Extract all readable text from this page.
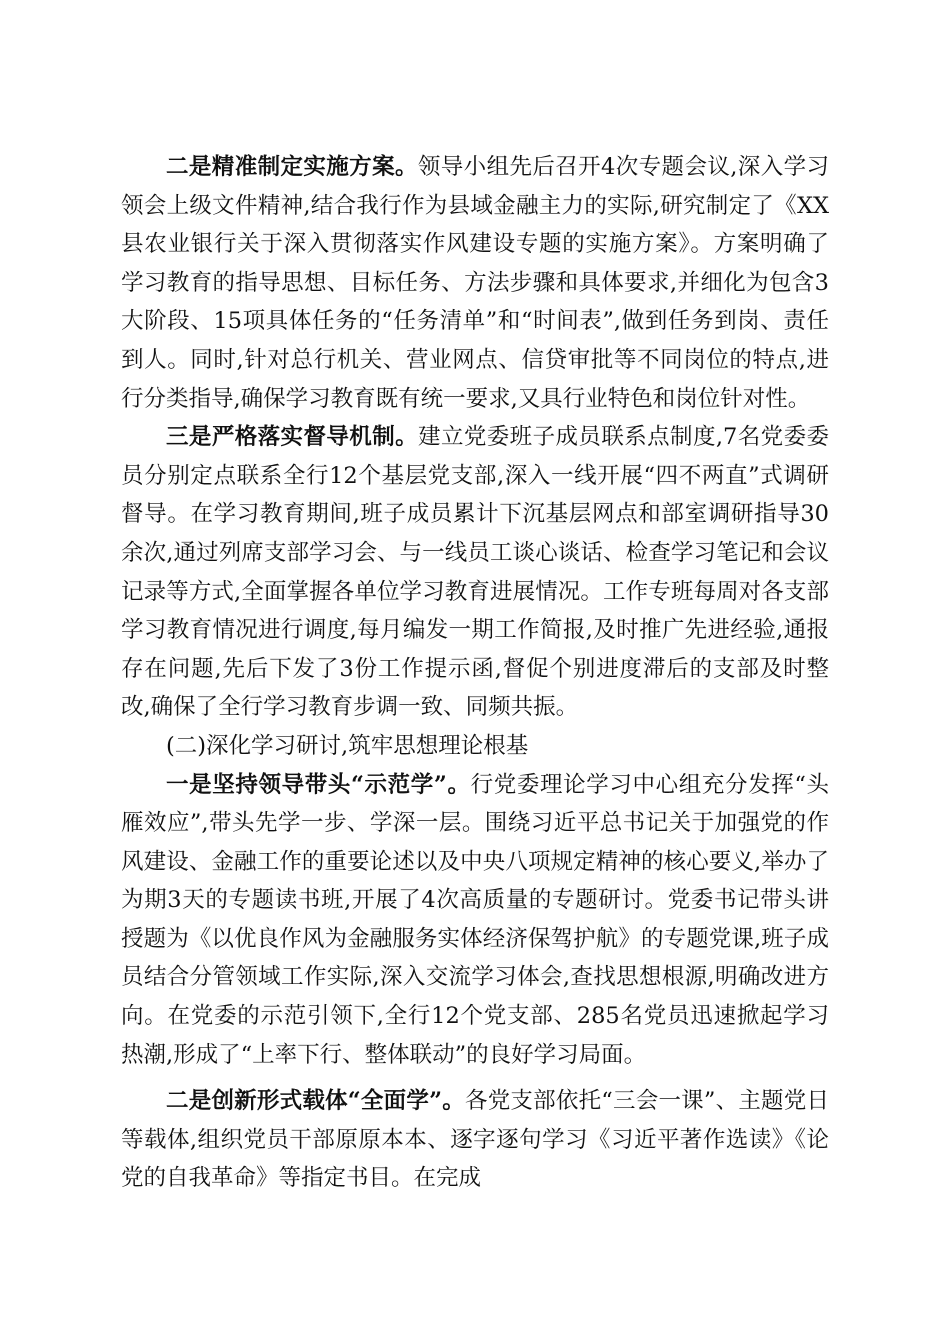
二是精准制定实施方案。领导小组先后召开4次专题会议,深入学习领会上级文件精神,结合我行作为县域金融主力的实际,研究制定了《XX县农业银行关于深入贯彻落实作风建设专题的实施方案》。方案明确了学习教育的指导思想、目标任务、方法步骤和具体要求,并细化为包含3大阶段、15项具体任务的“任务清单”和“时间表”,做到任务到岗、责任到人。同时,针对总行机关、营业网点、信贷审批等不同岗位的特点,进行分类指导,确保学习教育既有统一要求,又具行业特色和岗位针对性。

三是严格落实督导机制。建立党委班子成员联系点制度,7名党委委员分别定点联系全行12个基层党支部,深入一线开展“四不两直”式调研督导。在学习教育期间,班子成员累计下沉基层网点和部室调研指导30余次,通过列席支部学习会、与一线员工谈心谈话、检查学习笔记和会议记录等方式,全面掌握各单位学习教育进展情况。工作专班每周对各支部学习教育情况进行调度,每月编发一期工作简报,及时推广先进经验,通报存在问题,先后下发了3份工作提示函,督促个别进度滞后的支部及时整改,确保了全行学习教育步调一致、同频共振。

(二)深化学习研讨,筑牢思想理论根基

一是坚持领导带头“示范学”。行党委理论学习中心组充分发挥“头雁效应”,带头先学一步、学深一层。围绕习近平总书记关于加强党的作风建设、金融工作的重要论述以及中央八项规定精神的核心要义,举办了为期3天的专题读书班,开展了4次高质量的专题研讨。党委书记带头讲授题为《以优良作风为金融服务实体经济保驾护航》的专题党课,班子成员结合分管领域工作实际,深入交流学习体会,查找思想根源,明确改进方向。在党委的示范引领下,全行12个党支部、285名党员迅速掀起学习热潮,形成了“上率下行、整体联动”的良好学习局面。

二是创新形式载体“全面学”。各党支部依托“三会一课”、主题党日等载体,组织党员干部原原本本、逐字逐句学习《习近平著作选读》《论党的自我革命》等指定书目。在完成
